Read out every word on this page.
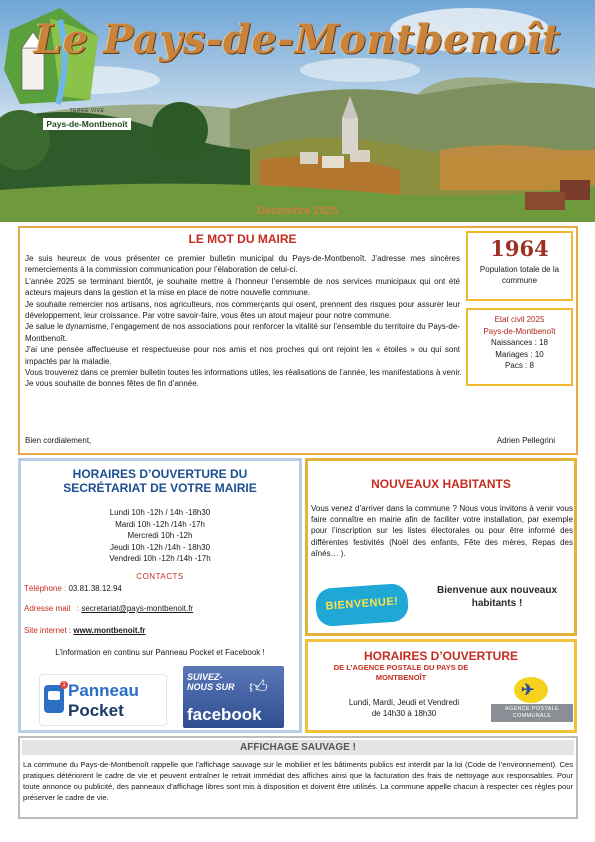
TERRE VIVE
Pays-de-Montbenoît
Le Pays-de-Montbenoît
Décembre 2025
LE MOT DU MAIRE

Je suis heureux de vous présenter ce premier bulletin municipal du Pays-de-Montbenoît. J’adresse mes sincères remerciements à la commission communication pour l’élaboration de celui-ci.

L’année 2025 se terminant bientôt, je souhaite mettre à l’honneur l’ensemble de nos services municipaux qui ont été acteurs majeurs dans la gestion et la mise en place de notre nouvelle commune.

Je souhaite remercier nos artisans, nos agriculteurs, nos commerçants qui osent, prennent des risques pour assurer leur développement, leur croissance. Par votre savoir-faire, vous êtes un atout majeur pour notre commune.

Je salue le dynamisme, l’engagement de nos associations pour renforcer la vitalité sur l’ensemble du territoire du Pays-de-Montbenoît.

J’ai une pensée affectueuse et respectueuse pour nos amis et nos proches qui ont rejoint les « étoiles » ou qui sont impactés par la maladie.

Vous trouverez dans ce premier bulletin toutes les informations utiles, les réalisations de l’année, les manifestations à venir.

Je vous souhaite de bonnes fêtes de fin d’année.

Bien cordialement,	Adrien Pellegrini
1964
Population totale de la commune
Etat civil 2025
Pays-de-Montbenoît
Naissances : 18
Mariages : 10
Pacs : 8
HORAIRES D’OUVERTURE DU
SECRÉTARIAT DE VOTRE MAIRIE
Lundi 10h -12h / 14h -18h30
Mardi 10h -12h /14h -17h
Mercredi 10h -12h
Jeudi 10h -12h /14h - 18h30
Vendredi 10h -12h /14h -17h
CONTACTS
Téléphone : 03.81.38.12.94
Adresse mail   : secretariat@pays-montbenoit.fr
Site internet : www.montbenoit.fr
L’information en continu sur Panneau Pocket et Facebook !
1 Panneau
Pocket
SUIVEZ-NOUS SUR 👍︎
facebook
NOUVEAUX HABITANTS
Vous venez d’arriver dans la commune ? Nous vous invitons à venir vous faire connaître en mairie afin de faciliter votre installation, par exemple pour l’inscription sur les listes électorales ou pour être informé des différentes festivités (Noël des enfants, Fête des mères, Repas des aînés… ).
BIENVENUE!
Bienvenue aux nouveaux habitants !
HORAIRES D’OUVERTURE
DE L’AGENCE POSTALE DU PAYS DE MONTBENOÎT
Lundi, Mardi, Jeudi et Vendredi
de 14h30 à 18h30
✈︎
AGENCE POSTALE COMMUNALE
AFFICHAGE SAUVAGE !
La commune du Pays-de-Montbenoît rappelle que l’affichage sauvage sur le mobilier et les bâtiments publics est interdit par la loi (Code de l’environnement). Ces pratiques détériorent le cadre de vie et peuvent entraîner le retrait immédiat des affiches ainsi que la facturation des frais de nettoyage aux responsables. Pour toute annonce ou publicité, des panneaux d’affichage libres sont mis à disposition et doivent être utilisés. La commune appelle chacun à respecter ces règles pour préserver le cadre de vie.
